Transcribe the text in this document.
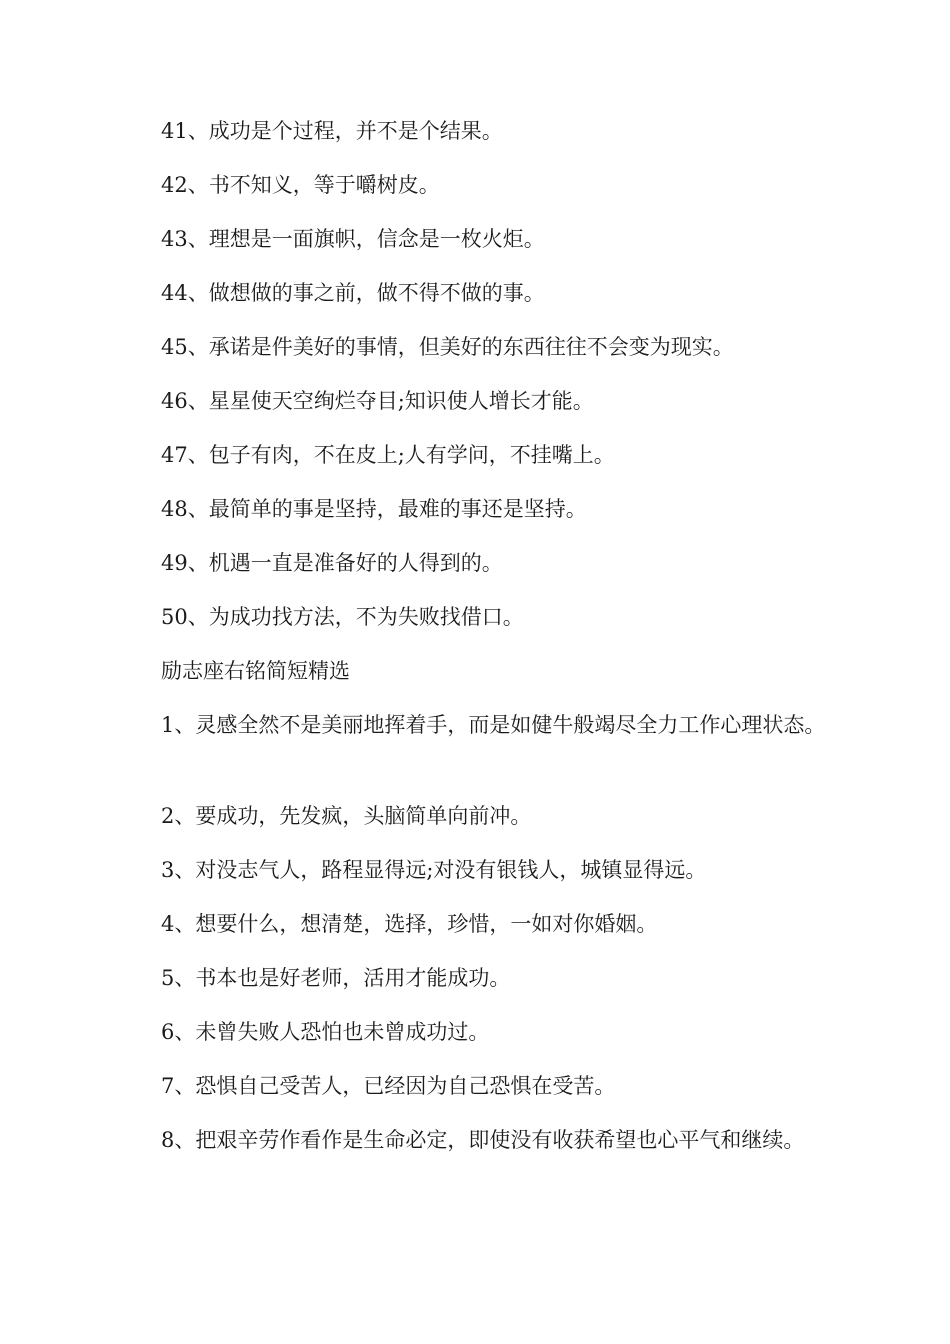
41、成功是个过程，并不是个结果。
42、书不知义，等于嚼树皮。
43、理想是一面旗帜，信念是一枚火炬。
44、做想做的事之前，做不得不做的事。
45、承诺是件美好的事情，但美好的东西往往不会变为现实。
46、星星使天空绚烂夺目;知识使人增长才能。
47、包子有肉，不在皮上;人有学问，不挂嘴上。
48、最简单的事是坚持，最难的事还是坚持。
49、机遇一直是准备好的人得到的。
50、为成功找方法，不为失败找借口。
励志座右铭简短精选
1、灵感全然不是美丽地挥着手，而是如健牛般竭尽全力工作心理状态。
2、要成功，先发疯，头脑简单向前冲。
3、对没志气人，路程显得远;对没有银钱人，城镇显得远。
4、想要什么，想清楚，选择，珍惜，一如对你婚姻。
5、书本也是好老师，活用才能成功。
6、未曾失败人恐怕也未曾成功过。
7、恐惧自己受苦人，已经因为自己恐惧在受苦。
8、把艰辛劳作看作是生命必定，即使没有收获希望也心平气和继续。
